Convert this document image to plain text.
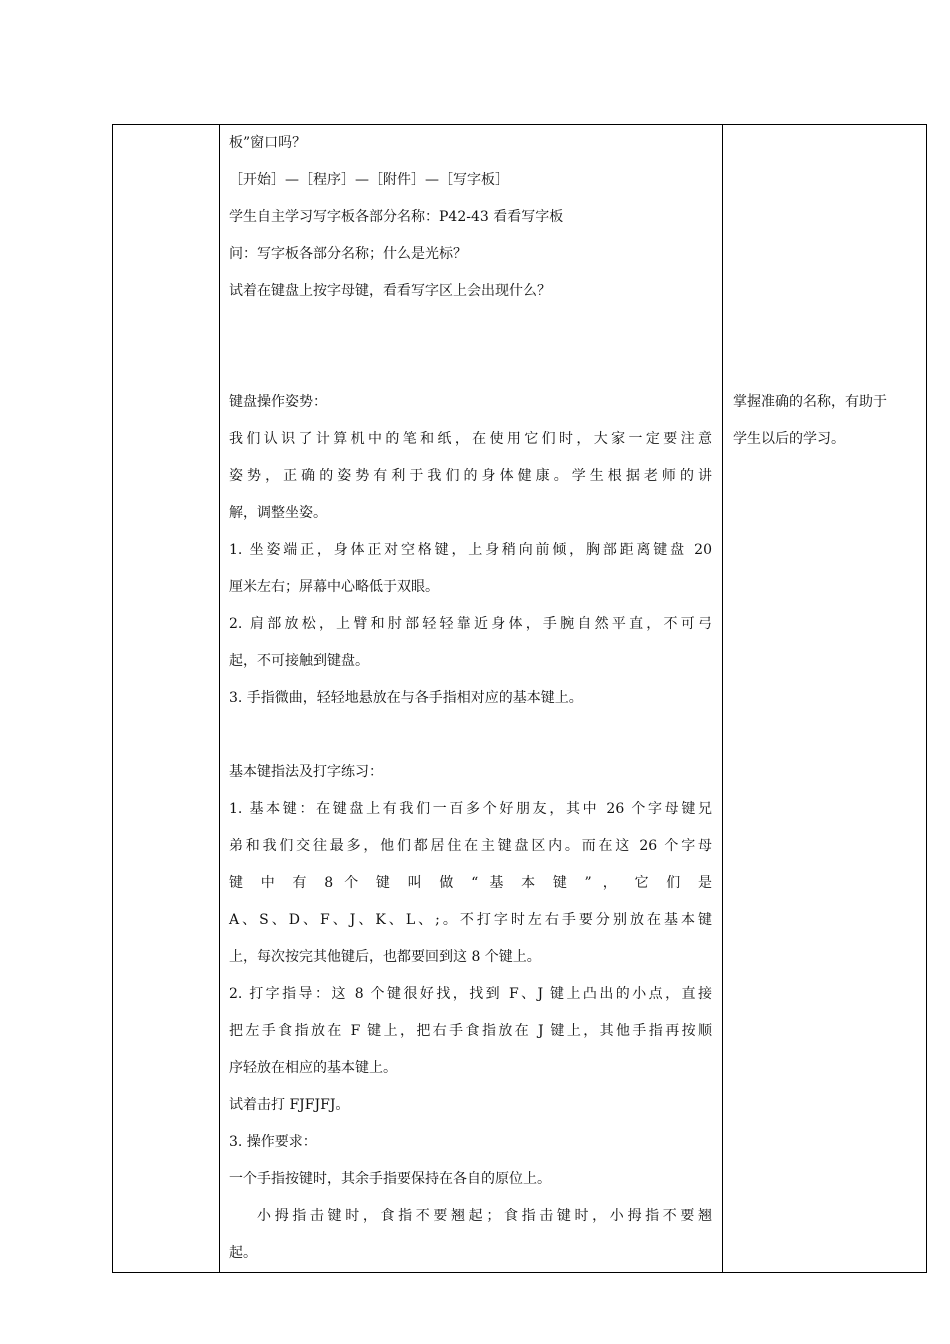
板”窗口吗？
［开始］—［程序］—［附件］—［写字板］
学生自主学习写字板各部分名称：P42-43 看看写字板
问：写字板各部分名称；什么是光标？
试着在键盘上按字母键，看看写字区上会出现什么？
键盘操作姿势：
我们认识了计算机中的笔和纸，在使用它们时，大家一定要注意
姿势，正确的姿势有利于我们的身体健康。学生根据老师的讲
解，调整坐姿。
1. 坐姿端正，身体正对空格键，上身稍向前倾，胸部距离键盘 20
厘米左右；屏幕中心略低于双眼。
2. 肩部放松，上臂和肘部轻轻靠近身体，手腕自然平直，不可弓
起，不可接触到键盘。
3. 手指微曲，轻轻地悬放在与各手指相对应的基本键上。
基本键指法及打字练习：
1. 基本键：在键盘上有我们一百多个好朋友，其中 26 个字母键兄
弟和我们交往最多，他们都居住在主键盘区内。而在这 26 个字母
键 中 有 8 个 键 叫 做 “ 基 本 键 ” ， 它 们 是
A、S、D、F、J、K、L、;。不打字时左右手要分别放在基本键
上，每次按完其他键后，也都要回到这 8 个键上。
2. 打字指导：这 8 个键很好找，找到 F、J 键上凸出的小点，直接
把左手食指放在 F 键上，把右手食指放在 J 键上，其他手指再按顺
序轻放在相应的基本键上。
试着击打 FJFJFJ。
3. 操作要求：
一个手指按键时，其余手指要保持在各自的原位上。
小拇指击键时，食指不要翘起；食指击键时，小拇指不要翘
起。

掌握准确的名称，有助于
学生以后的学习。
